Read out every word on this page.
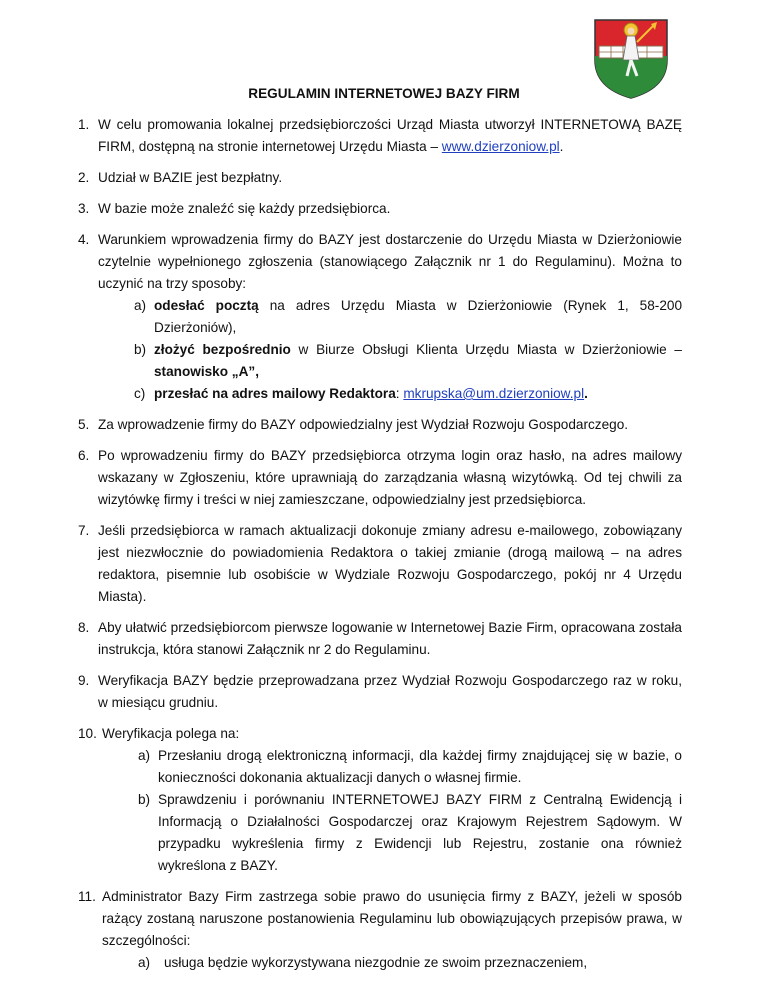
REGULAMIN INTERNETOWEJ BAZY FIRM
1. W celu promowania lokalnej przedsiębiorczości Urząd Miasta utworzył INTERNETOWĄ BAZĘ FIRM, dostępną na stronie internetowej Urzędu Miasta – www.dzierzoniow.pl.
2. Udział w BAZIE jest bezpłatny.
3. W bazie może znaleźć się każdy przedsiębiorca.
4. Warunkiem wprowadzenia firmy do BAZY jest dostarczenie do Urzędu Miasta w Dzierżoniowie czytelnie wypełnionego zgłoszenia (stanowiącego Załącznik nr 1 do Regulaminu). Można to uczynić na trzy sposoby:
a) odesłać pocztą na adres Urzędu Miasta w Dzierżoniowie (Rynek 1, 58-200 Dzierżoniów),
b) złożyć bezpośrednio w Biurze Obsługi Klienta Urzędu Miasta w Dzierżoniowie – stanowisko „A”,
c) przesłać na adres mailowy Redaktora: mkrupska@um.dzierzoniow.pl.
5. Za wprowadzenie firmy do BAZY odpowiedzialny jest Wydział Rozwoju Gospodarczego.
6. Po wprowadzeniu firmy do BAZY przedsiębiorca otrzyma login oraz hasło, na adres mailowy wskazany w Zgłoszeniu, które uprawniają do zarządzania własną wizytówką. Od tej chwili za wizytówkę firmy i treści w niej zamieszczane, odpowiedzialny jest przedsiębiorca.
7. Jeśli przedsiębiorca w ramach aktualizacji dokonuje zmiany adresu e-mailowego, zobowiązany jest niezwłocznie do powiadomienia Redaktora o takiej zmianie (drogą mailową – na adres redaktora, pisemnie lub osobiście w Wydziale Rozwoju Gospodarczego, pokój nr 4 Urzędu Miasta).
8. Aby ułatwić przedsiębiorcom pierwsze logowanie w Internetowej Bazie Firm, opracowana została instrukcja, która stanowi Załącznik nr 2 do Regulaminu.
9. Weryfikacja BAZY będzie przeprowadzana przez Wydział Rozwoju Gospodarczego raz w roku, w miesiącu grudniu.
10. Weryfikacja polega na:
a) Przesłaniu drogą elektroniczną informacji, dla każdej firmy znajdującej się w bazie, o konieczności dokonania aktualizacji danych o własnej firmie.
b) Sprawdzeniu i porównaniu INTERNETOWEJ BAZY FIRM z Centralną Ewidencją i Informacją o Działalności Gospodarczej oraz Krajowym Rejestrem Sądowym. W przypadku wykreślenia firmy z Ewidencji lub Rejestru, zostanie ona również wykreślona z BAZY.
11. Administrator Bazy Firm zastrzega sobie prawo do usunięcia firmy z BAZY, jeżeli w sposób rażący zostaną naruszone postanowienia Regulaminu lub obowiązujących przepisów prawa, w szczególności:
a) usługa będzie wykorzystywana niezgodnie ze swoim przeznaczeniem,
